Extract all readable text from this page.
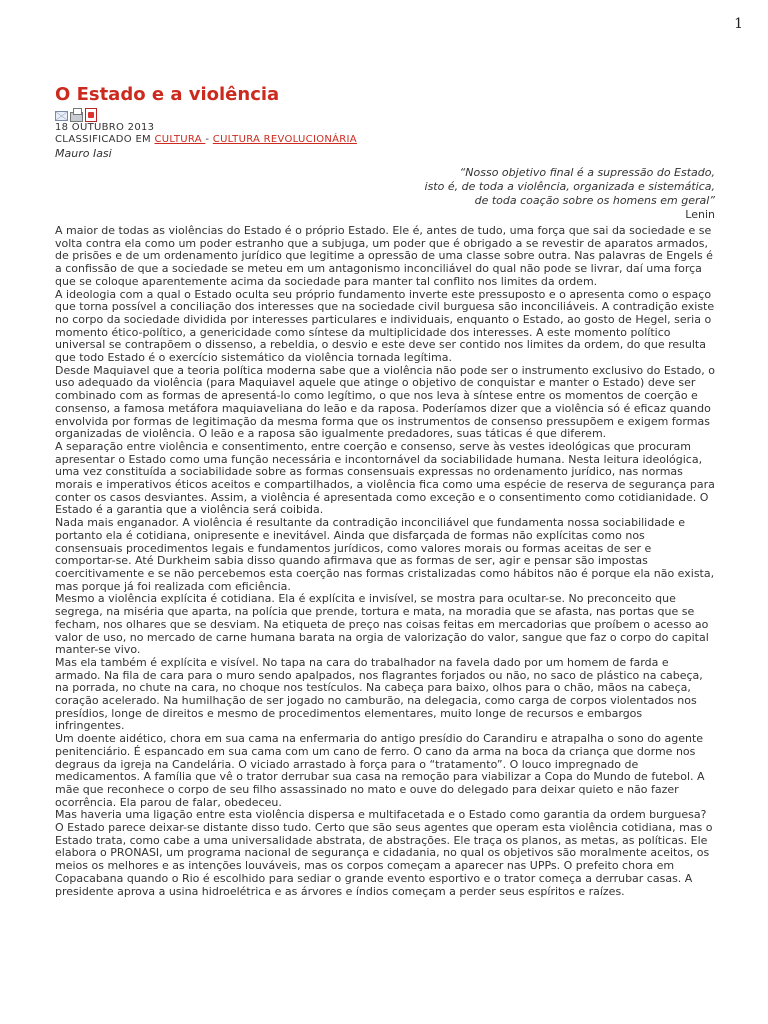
1
O Estado e a violência
18 OUTUBRO 2013
CLASSIFICADO EM CULTURA - CULTURA REVOLUCIONÁRIA
Mauro Iasi
“Nosso objetivo final é a supressão do Estado,
isto é, de toda a violência, organizada e sistemática,
de toda coação sobre os homens em geral”
Lenin

A maior de todas as violências do Estado é o próprio Estado. Ele é, antes de tudo, uma força que sai da sociedade e se volta contra ela como um poder estranho que a subjuga, um poder que é obrigado a se revestir de aparatos armados, de prisões e de um ordenamento jurídico que legitime a opressão de uma classe sobre outra. Nas palavras de Engels é a confissão de que a sociedade se meteu em um antagonismo inconciliável do qual não pode se livrar, daí uma força que se coloque aparentemente acima da sociedade para manter tal conflito nos limites da ordem.

A ideologia com a qual o Estado oculta seu próprio fundamento inverte este pressuposto e o apresenta como o espaço que torna possível a conciliação dos interesses que na sociedade civil burguesa são inconciliáveis. A contradição existe no corpo da sociedade dividida por interesses particulares e individuais, enquanto o Estado, ao gosto de Hegel, seria o momento ético-político, a genericidade como síntese da multiplicidade dos interesses. A este momento político universal se contrapõem o dissenso, a rebeldia, o desvio e este deve ser contido nos limites da ordem, do que resulta que todo Estado é o exercício sistemático da violência tornada legítima.

Desde Maquiavel que a teoria política moderna sabe que a violência não pode ser o instrumento exclusivo do Estado, o uso adequado da violência (para Maquiavel aquele que atinge o objetivo de conquistar e manter o Estado) deve ser combinado com as formas de apresentá-lo como legítimo, o que nos leva à síntese entre os momentos de coerção e consenso, a famosa metáfora maquiaveliana do leão e da raposa. Poderíamos dizer que a violência só é eficaz quando envolvida por formas de legitimação da mesma forma que os instrumentos de consenso pressupõem e exigem formas organizadas de violência. O leão e a raposa são igualmente predadores, suas táticas é que diferem.

A separação entre violência e consentimento, entre coerção e consenso, serve às vestes ideológicas que procuram apresentar o Estado como uma função necessária e incontornável da sociabilidade humana. Nesta leitura ideológica, uma vez constituída a sociabilidade sobre as formas consensuais expressas no ordenamento jurídico, nas normas morais e imperativos éticos aceitos e compartilhados, a violência fica como uma espécie de reserva de segurança para conter os casos desviantes. Assim, a violência é apresentada como exceção e o consentimento como cotidianidade. O Estado é a garantia que a violência será coibida.

Nada mais enganador. A violência é resultante da contradição inconciliável que fundamenta nossa sociabilidade e portanto ela é cotidiana, onipresente e inevitável. Ainda que disfarçada de formas não explícitas como nos consensuais procedimentos legais e fundamentos jurídicos, como valores morais ou formas aceitas de ser e comportar-se. Até Durkheim sabia disso quando afirmava que as formas de ser, agir e pensar são impostas coercitivamente e se não percebemos esta coerção nas formas cristalizadas como hábitos não é porque ela não exista, mas porque já foi realizada com eficiência.

Mesmo a violência explícita é cotidiana. Ela é explícita e invisível, se mostra para ocultar-se. No preconceito que segrega, na miséria que aparta, na polícia que prende, tortura e mata, na moradia que se afasta, nas portas que se fecham, nos olhares que se desviam. Na etiqueta de preço nas coisas feitas em mercadorias que proíbem o acesso ao valor de uso, no mercado de carne humana barata na orgia de valorização do valor, sangue que faz o corpo do capital manter-se vivo.

Mas ela também é explícita e visível. No tapa na cara do trabalhador na favela dado por um homem de farda e armado. Na fila de cara para o muro sendo apalpados, nos flagrantes forjados ou não, no saco de plástico na cabeça, na porrada, no chute na cara, no choque nos testículos. Na cabeça para baixo, olhos para o chão, mãos na cabeça, coração acelerado. Na humilhação de ser jogado no camburão, na delegacia, como carga de corpos violentados nos presídios, longe de direitos e mesmo de procedimentos elementares, muito longe de recursos e embargos infringentes.

Um doente aidético, chora em sua cama na enfermaria do antigo presídio do Carandiru e atrapalha o sono do agente penitenciário. É espancado em sua cama com um cano de ferro. O cano da arma na boca da criança que dorme nos degraus da igreja na Candelária. O viciado arrastado à força para o “tratamento”. O louco impregnado de medicamentos. A família que vê o trator derrubar sua casa na remoção para viabilizar a Copa do Mundo de futebol. A mãe que reconhece o corpo de seu filho assassinado no mato e ouve do delegado para deixar quieto e não fazer ocorrência. Ela parou de falar, obedeceu.

Mas haveria uma ligação entre esta violência dispersa e multifacetada e o Estado como garantia da ordem burguesa? O Estado parece deixar-se distante disso tudo. Certo que são seus agentes que operam esta violência cotidiana, mas o Estado trata, como cabe a uma universalidade abstrata, de abstrações. Ele traça os planos, as metas, as políticas. Ele elabora o PRONASI, um programa nacional de segurança e cidadania, no qual os objetivos são moralmente aceitos, os meios os melhores e as intenções louváveis, mas os corpos começam a aparecer nas UPPs. O prefeito chora em Copacabana quando o Rio é escolhido para sediar o grande evento esportivo e o trator começa a derrubar casas. A presidente aprova a usina hidroelétrica e as árvores e índios começam a perder seus espíritos e raízes.
